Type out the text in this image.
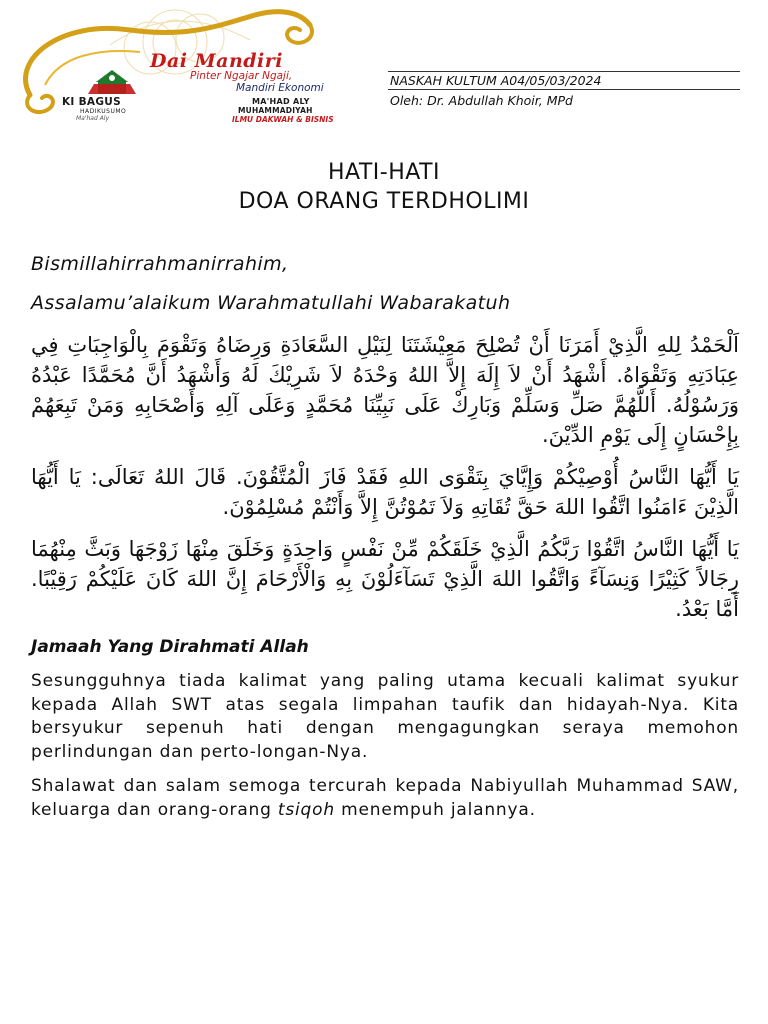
Dai Mandiri
Pinter Ngajar Ngaji,
Mandiri Ekonomi
KI BAGUS
HADIKUSUMO
Ma'had Aly
MA'HAD ALY
MUHAMMADIYAH
ILMU DAKWAH & BISNIS
NASKAH KULTUM A04/05/03/2024
Oleh: Dr. Abdullah Khoir, MPd
HATI-HATI
DOA ORANG TERDHOLIMI

Bismillahirrahmanirrahim,

Assalamu’alaikum Warahmatullahi Wabarakatuh

اَلْحَمْدُ لِلهِ الَّذِيْ أَمَرَنَا أَنْ تُصْلِحَ مَعِيْشَتَنَا لِنَيْلِ السَّعَادَةِ وَرِضَاهُ وَتَقْوَمَ بِالْوَاجِبَاتِ فِي عِبَادَتِهِ وَتَقْوَاهُ. أَشْهَدُ أَنْ لاَ إِلَهَ إِلاَّ اللهُ وَحْدَهُ لاَ شَرِيْكَ لَهُ وَأَشْهَدُ أَنَّ مُحَمَّدًا عَبْدُهُ وَرَسُوْلُهُ. أَللَّهُمَّ صَلِّ وَسَلِّمْ وَبَارِكْ عَلَى نَبِيِّنَا مُحَمَّدٍ وَعَلَى آلِهِ وَأَصْحَابِهِ وَمَنْ تَبِعَهُمْ بِإِحْسَانٍ إِلَى يَوْمِ الدِّيْنَ.

يَا أَيُّهَا النَّاسُ أُوْصِيْكُمْ وَإِيَّايَ بِتَقْوَى اللهِ فَقَدْ فَازَ الْمُتَّقُوْنَ. قَالَ اللهُ تَعَالَى: يَا أَيُّهَا الَّذِيْنَ ءَامَنُوا اتَّقُوا اللهَ حَقَّ تُقَاتِهِ وَلاَ تَمُوْتُنَّ إِلاَّ وَأَنْتُمْ مُسْلِمُوْنَ.

يَا أَيُّهَا النَّاسُ اتَّقُوْا رَبَّكُمُ الَّذِيْ خَلَقَكُمْ مِّنْ نَفْسٍ وَاحِدَةٍ وَخَلَقَ مِنْهَا زَوْجَهَا وَبَثَّ مِنْهُمَا رِجَالاً كَثِيْرًا وَنِسَآءً وَاتَّقُوا اللهَ الَّذِيْ تَسَآءَلُوْنَ بِهِ وَالْأَرْحَامَ إِنَّ اللهَ كَانَ عَلَيْكُمْ رَقِيْبًا. أَمَّا بَعْدُ.

Jamaah Yang Dirahmati Allah

Sesungguhnya tiada kalimat yang paling utama kecuali kalimat syukur kepada Allah SWT atas segala limpahan taufik dan hidayah-Nya. Kita bersyukur sepenuh hati dengan mengagungkan seraya memohon perlindungan dan perto-longan-Nya.

Shalawat dan salam semoga tercurah kepada Nabiyullah Muhammad SAW, keluarga dan orang-orang tsiqoh menempuh jalannya.
